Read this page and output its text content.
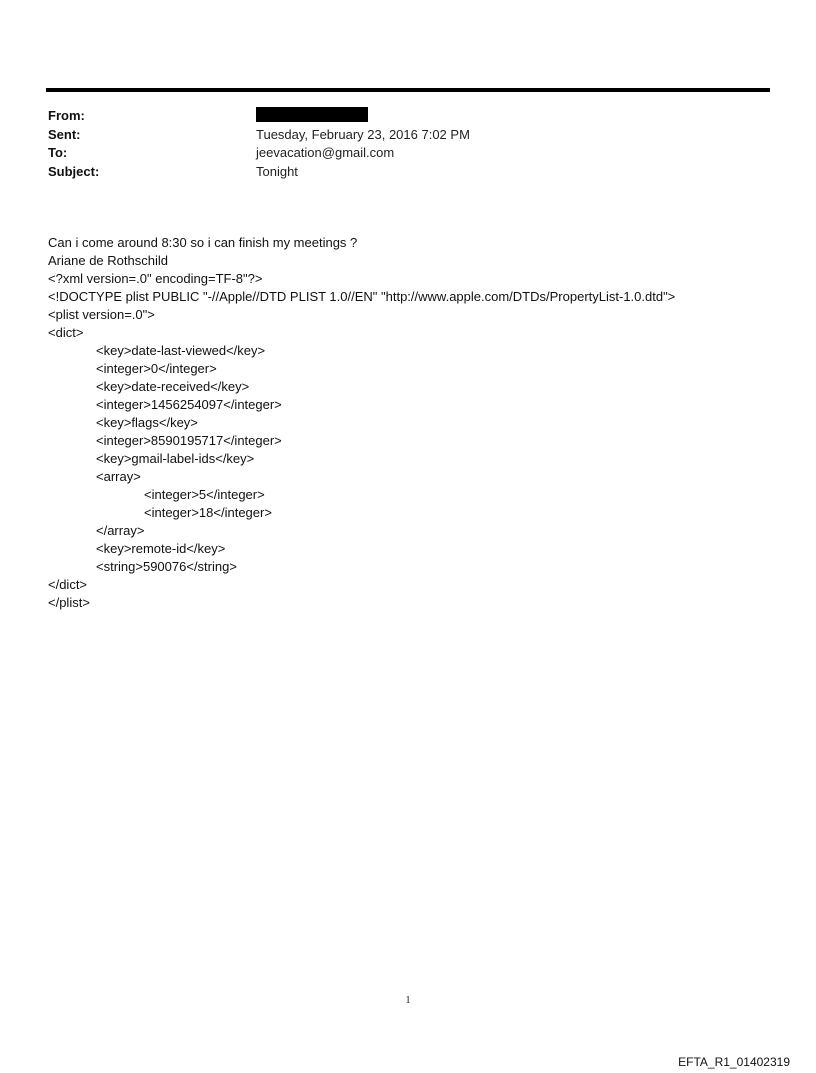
From:
Sent:	Tuesday, February 23, 2016 7:02 PM
To:	jeevacation@gmail.com
Subject:	Tonight
Can i come around 8:30 so i can finish my meetings ?
Ariane de Rothschild
<?xml version=.0" encoding=TF-8"?>
<!DOCTYPE plist PUBLIC "-//Apple//DTD PLIST 1.0//EN" "http://www.apple.com/DTDs/PropertyList-1.0.dtd">
<plist version=.0">
<dict>
<key>date-last-viewed</key>
<integer>0</integer>
<key>date-received</key>
<integer>1456254097</integer>
<key>flags</key>
<integer>8590195717</integer>
<key>gmail-label-ids</key>
<array>
<integer>5</integer>
<integer>18</integer>
</array>
<key>remote-id</key>
<string>590076</string>
</dict>
</plist>
1
EFTA_R1_01402319
